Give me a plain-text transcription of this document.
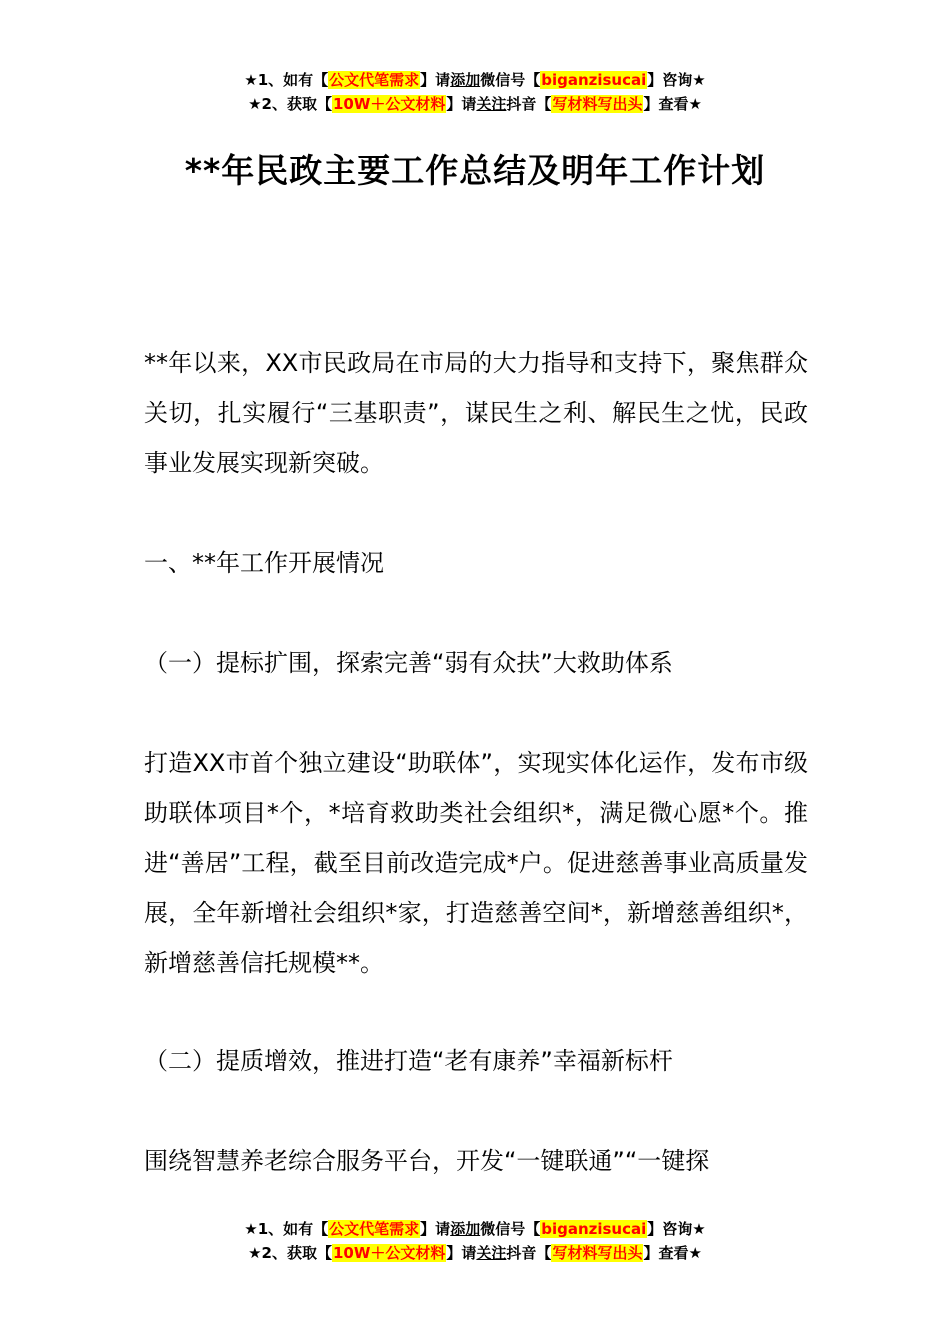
★1、如有【公文代笔需求】请添加微信号【biganzisucai】咨询★
★2、获取【10W＋公文材料】请关注抖音【写材料写出头】查看★
**年民政主要工作总结及明年工作计划
**年以来，XX市民政局在市局的大力指导和支持下，聚焦群众关切，扎实履行“三基职责”，谋民生之利、解民生之忧，民政事业发展实现新突破。
一、**年工作开展情况
（一）提标扩围，探索完善“弱有众扶”大救助体系
打造XX市首个独立建设“助联体”，实现实体化运作，发布市级助联体项目*个，*培育救助类社会组织*，满足微心愿*个。推进“善居”工程，截至目前改造完成*户。促进慈善事业高质量发展，全年新增社会组织*家，打造慈善空间*，新增慈善组织*，新增慈善信托规模**。
（二）提质增效，推进打造“老有康养”幸福新标杆
围绕智慧养老综合服务平台，开发“一键联通”“一键探
★1、如有【公文代笔需求】请添加微信号【biganzisucai】咨询★
★2、获取【10W＋公文材料】请关注抖音【写材料写出头】查看★
